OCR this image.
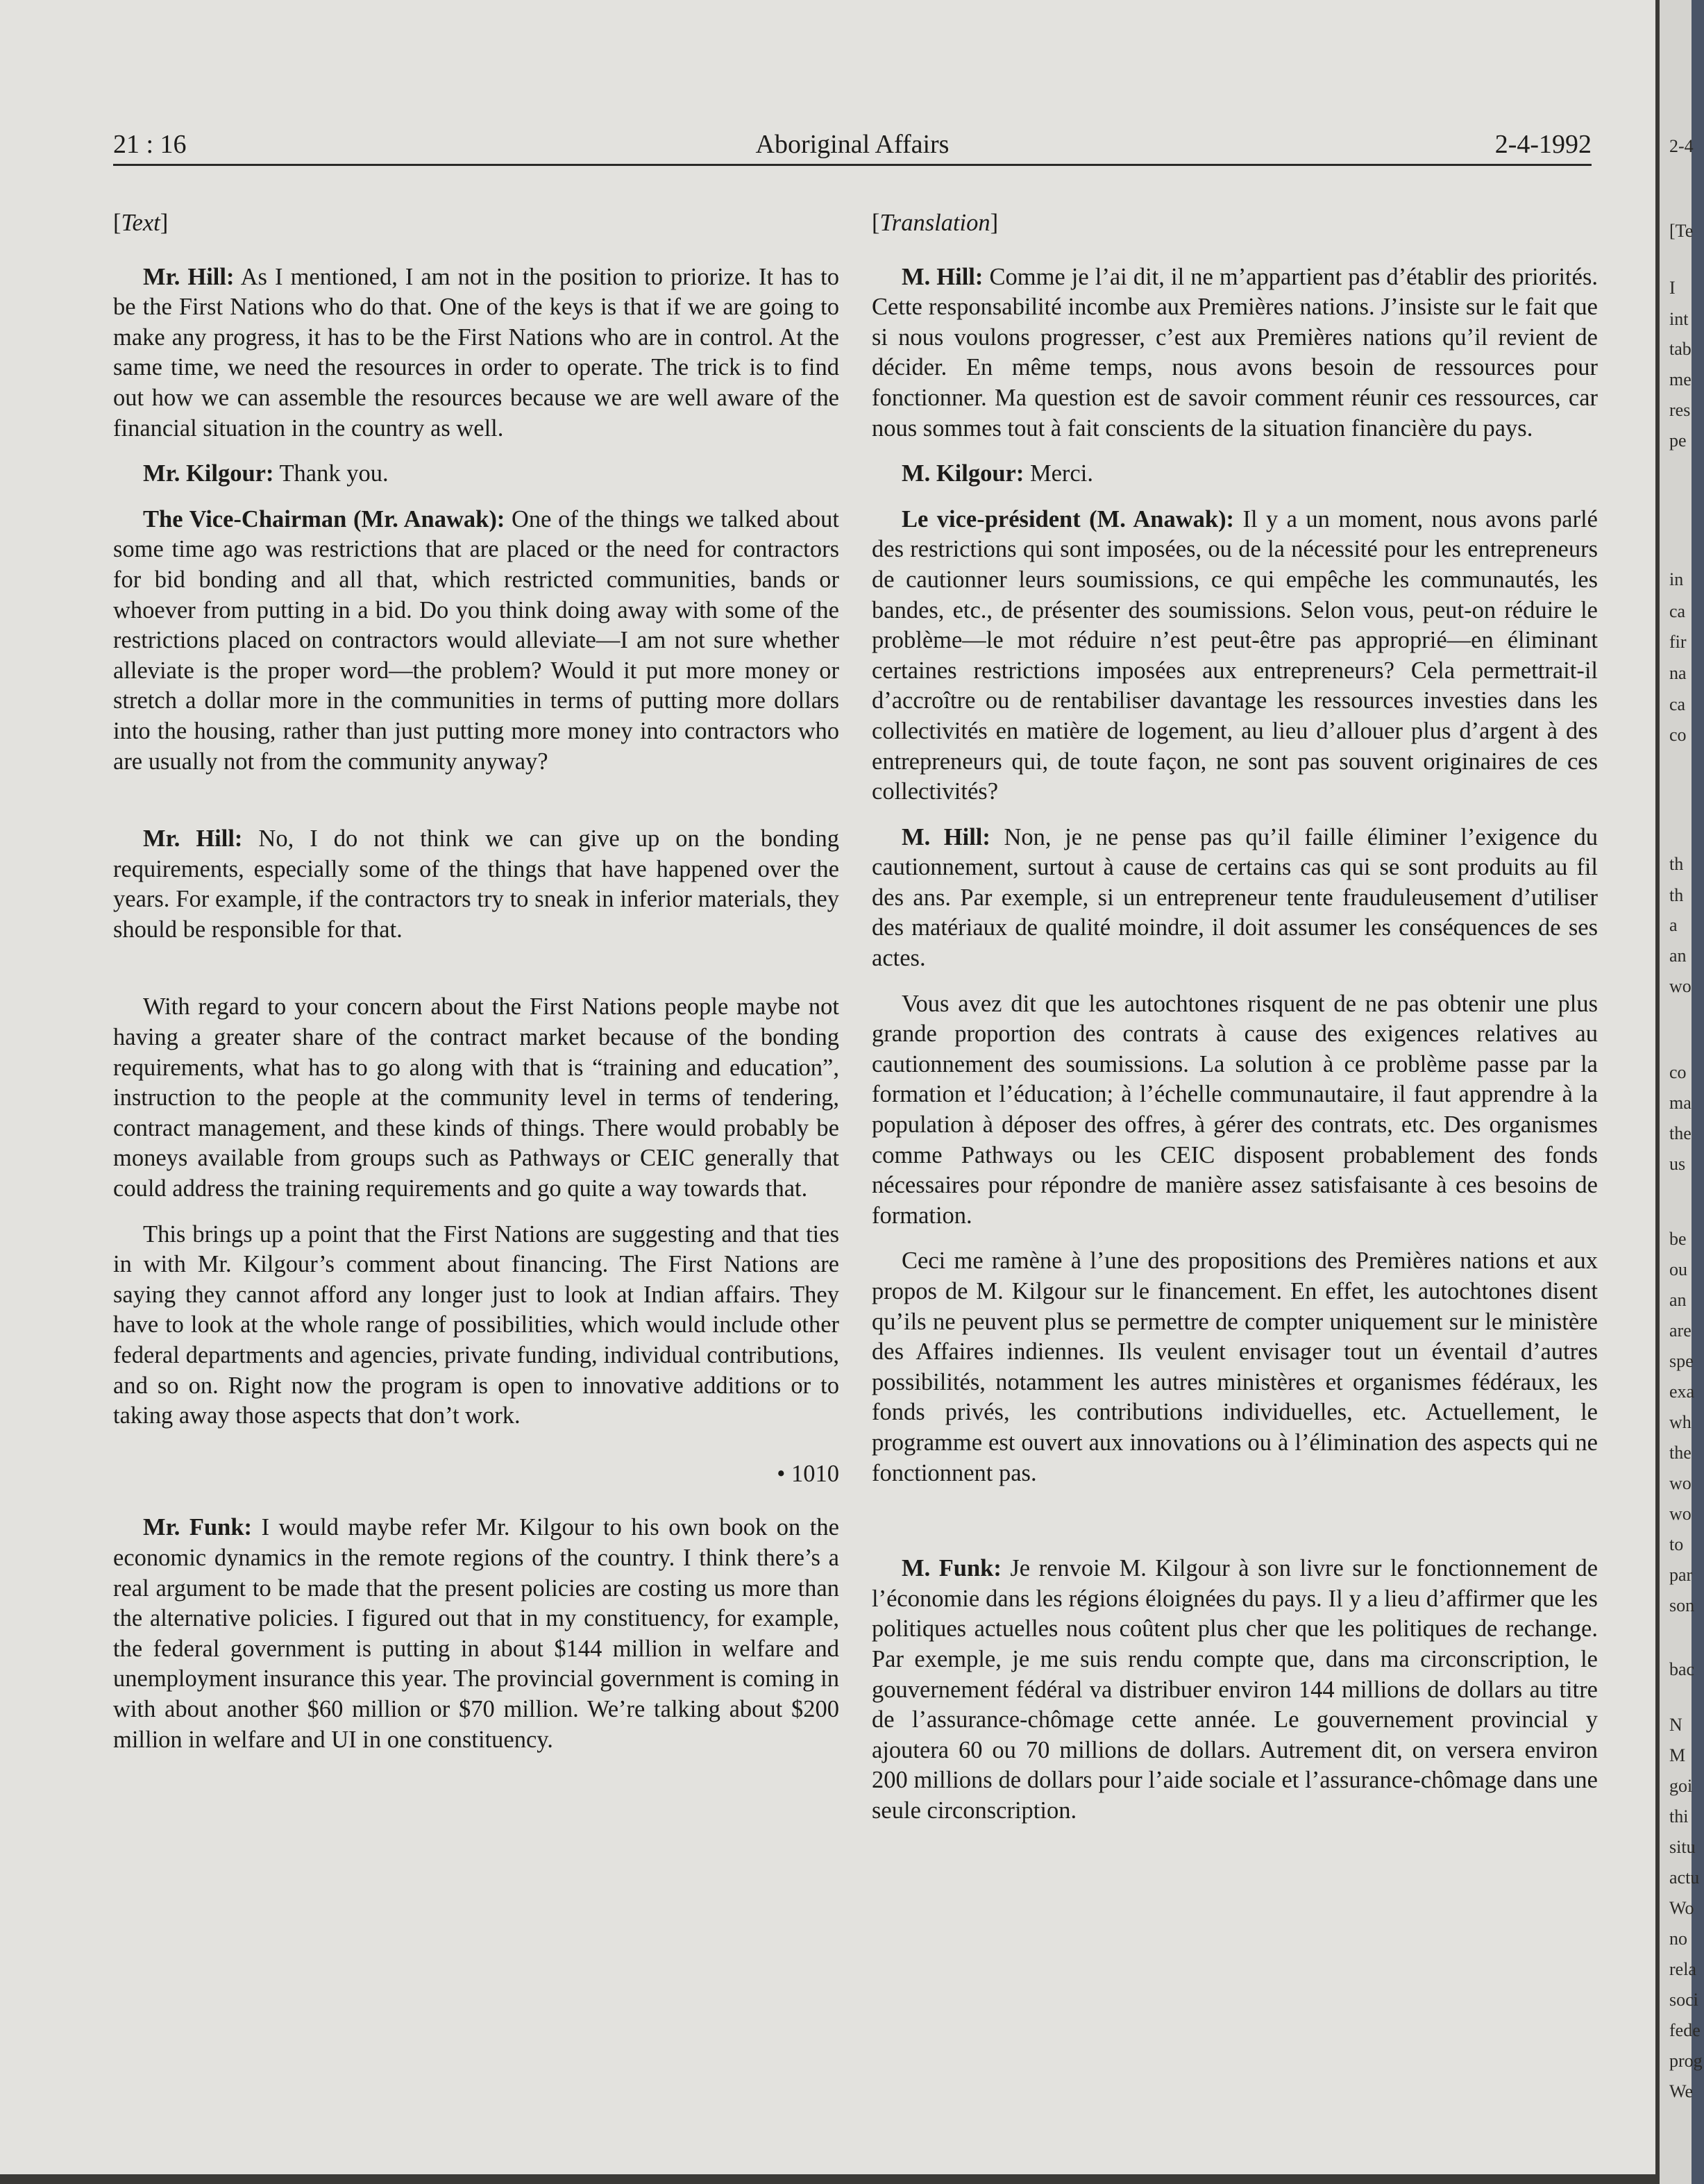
21 : 16	Aboriginal Affairs	2-4-1992
[Text]

Mr. Hill: As I mentioned, I am not in the position to priorize. It has to be the First Nations who do that. One of the keys is that if we are going to make any progress, it has to be the First Nations who are in control. At the same time, we need the resources in order to operate. The trick is to find out how we can assemble the resources because we are well aware of the financial situation in the country as well.

Mr. Kilgour: Thank you.

The Vice-Chairman (Mr. Anawak): One of the things we talked about some time ago was restrictions that are placed or the need for contractors for bid bonding and all that, which restricted communities, bands or whoever from putting in a bid. Do you think doing away with some of the restrictions placed on contractors would alleviate—I am not sure whether alleviate is the proper word—the problem? Would it put more money or stretch a dollar more in the communities in terms of putting more dollars into the housing, rather than just putting more money into contractors who are usually not from the community anyway?

Mr. Hill: No, I do not think we can give up on the bonding requirements, especially some of the things that have happened over the years. For example, if the contractors try to sneak in inferior materials, they should be responsible for that.

With regard to your concern about the First Nations people maybe not having a greater share of the contract market because of the bonding requirements, what has to go along with that is “training and education”, instruction to the people at the community level in terms of tendering, contract management, and these kinds of things. There would probably be moneys available from groups such as Pathways or CEIC generally that could address the training requirements and go quite a way towards that.

This brings up a point that the First Nations are suggesting and that ties in with Mr. Kilgour’s comment about financing. The First Nations are saying they cannot afford any longer just to look at Indian affairs. They have to look at the whole range of possibilities, which would include other federal departments and agencies, private funding, individual contributions, and so on. Right now the program is open to innovative additions or to taking away those aspects that don’t work.

• 1010

Mr. Funk: I would maybe refer Mr. Kilgour to his own book on the economic dynamics in the remote regions of the country. I think there’s a real argument to be made that the present policies are costing us more than the alternative policies. I figured out that in my constituency, for example, the federal government is putting in about $144 million in welfare and unemployment insurance this year. The provincial government is coming in with about another $60 million or $70 million. We’re talking about $200 million in welfare and UI in one constituency.

[Translation]

M. Hill: Comme je l’ai dit, il ne m’appartient pas d’établir des priorités. Cette responsabilité incombe aux Premières nations. J’insiste sur le fait que si nous voulons progresser, c’est aux Premières nations qu’il revient de décider. En même temps, nous avons besoin de ressources pour fonctionner. Ma question est de savoir comment réunir ces ressources, car nous sommes tout à fait conscients de la situation financière du pays.

M. Kilgour: Merci.

Le vice-président (M. Anawak): Il y a un moment, nous avons parlé des restrictions qui sont imposées, ou de la nécessité pour les entrepreneurs de cautionner leurs soumissions, ce qui empêche les communautés, les bandes, etc., de présenter des soumissions. Selon vous, peut-on réduire le problème—le mot réduire n’est peut-être pas approprié—en éliminant certaines restrictions imposées aux entrepreneurs? Cela permettrait-il d’accroître ou de rentabiliser davantage les ressources investies dans les collectivités en matière de logement, au lieu d’allouer plus d’argent à des entrepreneurs qui, de toute façon, ne sont pas souvent originaires de ces collectivités?

M. Hill: Non, je ne pense pas qu’il faille éliminer l’exigence du cautionnement, surtout à cause de certains cas qui se sont produits au fil des ans. Par exemple, si un entrepreneur tente frauduleusement d’utiliser des matériaux de qualité moindre, il doit assumer les conséquences de ses actes.

Vous avez dit que les autochtones risquent de ne pas obtenir une plus grande proportion des contrats à cause des exigences relatives au cautionnement des soumissions. La solution à ce problème passe par la formation et l’éducation; à l’échelle communautaire, il faut apprendre à la population à déposer des offres, à gérer des contrats, etc. Des organismes comme Pathways ou les CEIC disposent probablement des fonds nécessaires pour répondre de manière assez satisfaisante à ces besoins de formation.

Ceci me ramène à l’une des propositions des Premières nations et aux propos de M. Kilgour sur le financement. En effet, les autochtones disent qu’ils ne peuvent plus se permettre de compter uniquement sur le ministère des Affaires indiennes. Ils veulent envisager tout un éventail d’autres possibilités, notamment les autres ministères et organismes fédéraux, les fonds privés, les contributions individuelles, etc. Actuellement, le programme est ouvert aux innovations ou à l’élimination des aspects qui ne fonctionnent pas.

M. Funk: Je renvoie M. Kilgour à son livre sur le fonctionnement de l’économie dans les régions éloignées du pays. Il y a lieu d’affirmer que les politiques actuelles nous coûtent plus cher que les politiques de rechange. Par exemple, je me suis rendu compte que, dans ma circonscription, le gouvernement fédéral va distribuer environ 144 millions de dollars au titre de l’assurance-chômage cette année. Le gouvernement provincial y ajoutera 60 ou 70 millions de dollars. Autrement dit, on versera environ 200 millions de dollars pour l’aide sociale et l’assurance-chômage dans une seule circonscription.

2-4
[Te
I
int
tab
me
res
pe
in
ca
fir
na
ca
co
th
th
a
an
wo
co
ma
the
us
be
ou
an
are
spe
exa
wh
the
wo
wo
to
par
son
bac
N
M
goi
thi
situ
actu
Wo
no
rela
soci
fede
prog
We
